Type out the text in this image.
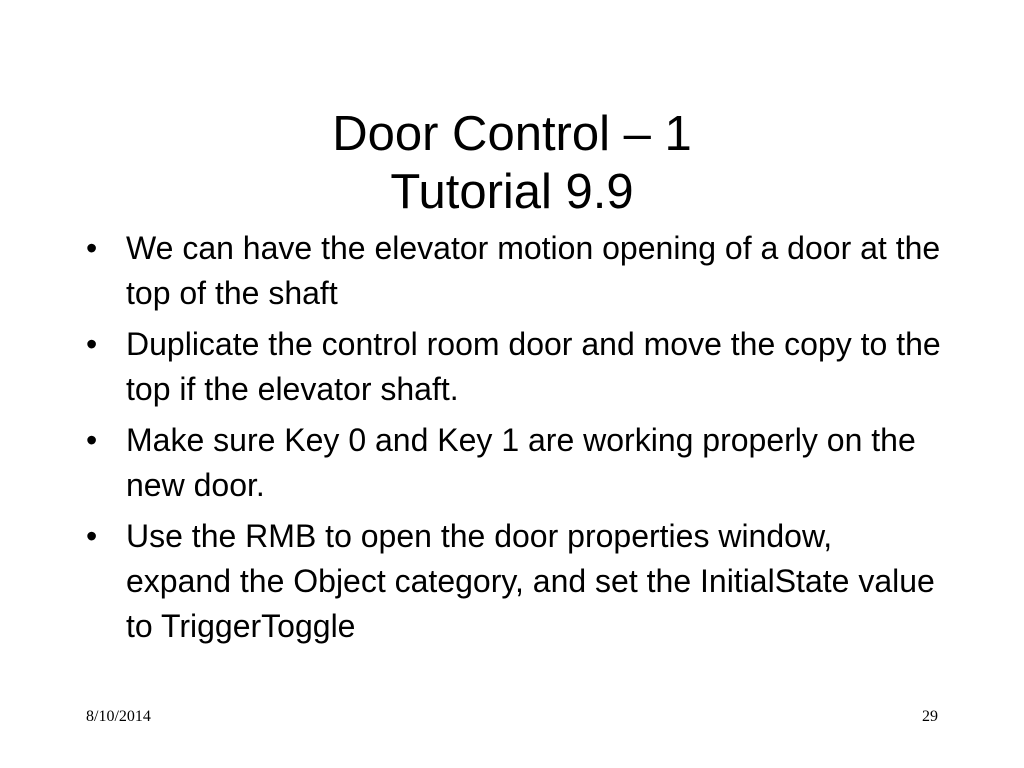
Door Control – 1
Tutorial 9.9
• We can have the elevator motion opening of a door at the top of the shaft
• Duplicate the control room door and move the copy to the top if the elevator shaft.
• Make sure Key 0 and Key 1 are working properly on the new door.
• Use the RMB to open the door properties window, expand the Object category, and set the InitialState value to TriggerToggle
8/10/2014	29
